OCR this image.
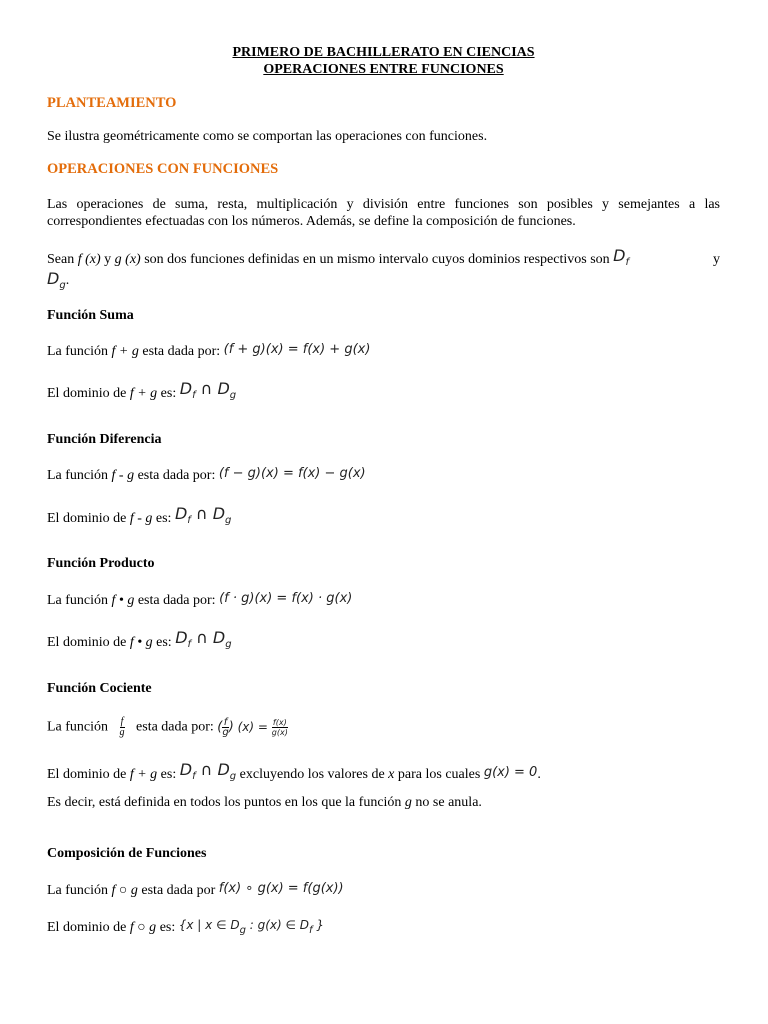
PRIMERO DE BACHILLERATO EN CIENCIAS
OPERACIONES ENTRE FUNCIONES
PLANTEAMIENTO
Se ilustra geométricamente como se comportan las operaciones con funciones.
OPERACIONES CON FUNCIONES
Las operaciones de suma, resta, multiplicación y división entre funciones son posibles y semejantes a las correspondientes efectuadas con los números. Además, se define la composición de funciones.
Sean f (x) y g (x) son dos funciones definidas en un mismo intervalo cuyos dominios respectivos son $D_f$	y
$D_g$.
Función Suma
La función f + g esta dada por: (f + g)(x) = f(x) + g(x)
El dominio de f + g es: $D_f$ ∩ $D_g$
Función Diferencia
La función f - g esta dada por: (f − g)(x) = f(x) − g(x)
El dominio de f - g es: $D_f$ ∩ $D_g$
Función Producto
La función f • g esta dada por: (f · g)(x) = f(x) · g(x)
El dominio de f • g es: $D_f$ ∩ $D_g$
Función Cociente
La función $\frac{f}{g}$ esta dada por: ( $\frac{f}{g}$ ) $(x) = \frac{f(x)}{g(x)}$
El dominio de f + g es: $D_f$ ∩ $D_g$ excluyendo los valores de x para los cuales g(x) = 0.
Es decir, está definida en todos los puntos en los que la función g no se anula.
Composición de Funciones
La función f ○ g esta dada por f(x) ∘ g(x) = f(g(x))
El dominio de f ○ g es: {x | x ∈ $D_g$ : g(x) ∈ $D_f$ }
